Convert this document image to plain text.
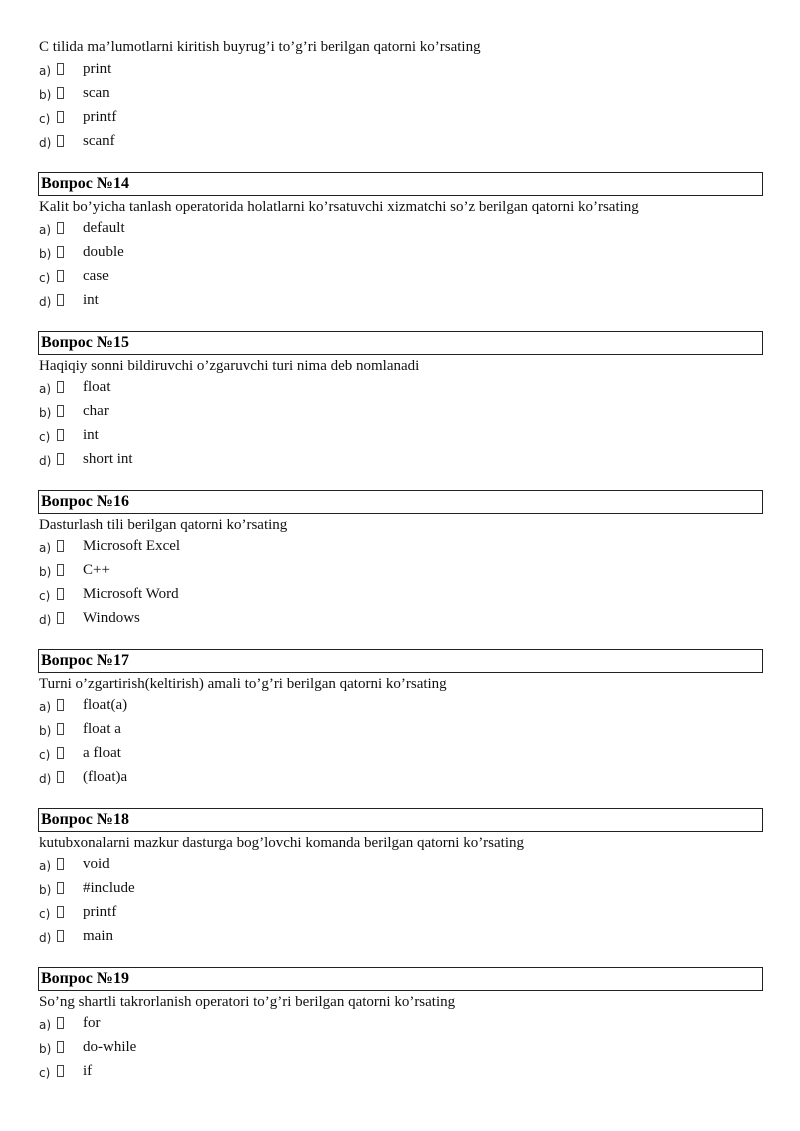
C tilida ma’lumotlarni kiritish buyrug’i to’g’ri berilgan qatorni ko’rsating
a) print
b) scan
c) printf
d) scanf
Вопрос №14
Kalit bo’yicha tanlash operatorida holatlarni ko’rsatuvchi xizmatchi so’z berilgan qatorni ko’rsating
a) default
b) double
c) case
d) int
Вопрос №15
Haqiqiy sonni bildiruvchi o’zgaruvchi turi nima deb nomlanadi
a) float
b) char
c) int
d) short int
Вопрос №16
Dasturlash tili berilgan qatorni ko’rsating
a) Microsoft Excel
b) C++
c) Microsoft Word
d) Windows
Вопрос №17
Turni o’zgartirish(keltirish) amali to’g’ri berilgan qatorni ko’rsating
a) float(a)
b) float a
c) a float
d) (float)a
Вопрос №18
kutubxonalarni mazkur dasturga bog’lovchi komanda berilgan qatorni ko’rsating
a) void
b) #include
c) printf
d) main
Вопрос №19
So’ng shartli takrorlanish operatori to’g’ri berilgan qatorni ko’rsating
a) for
b) do-while
c) if
